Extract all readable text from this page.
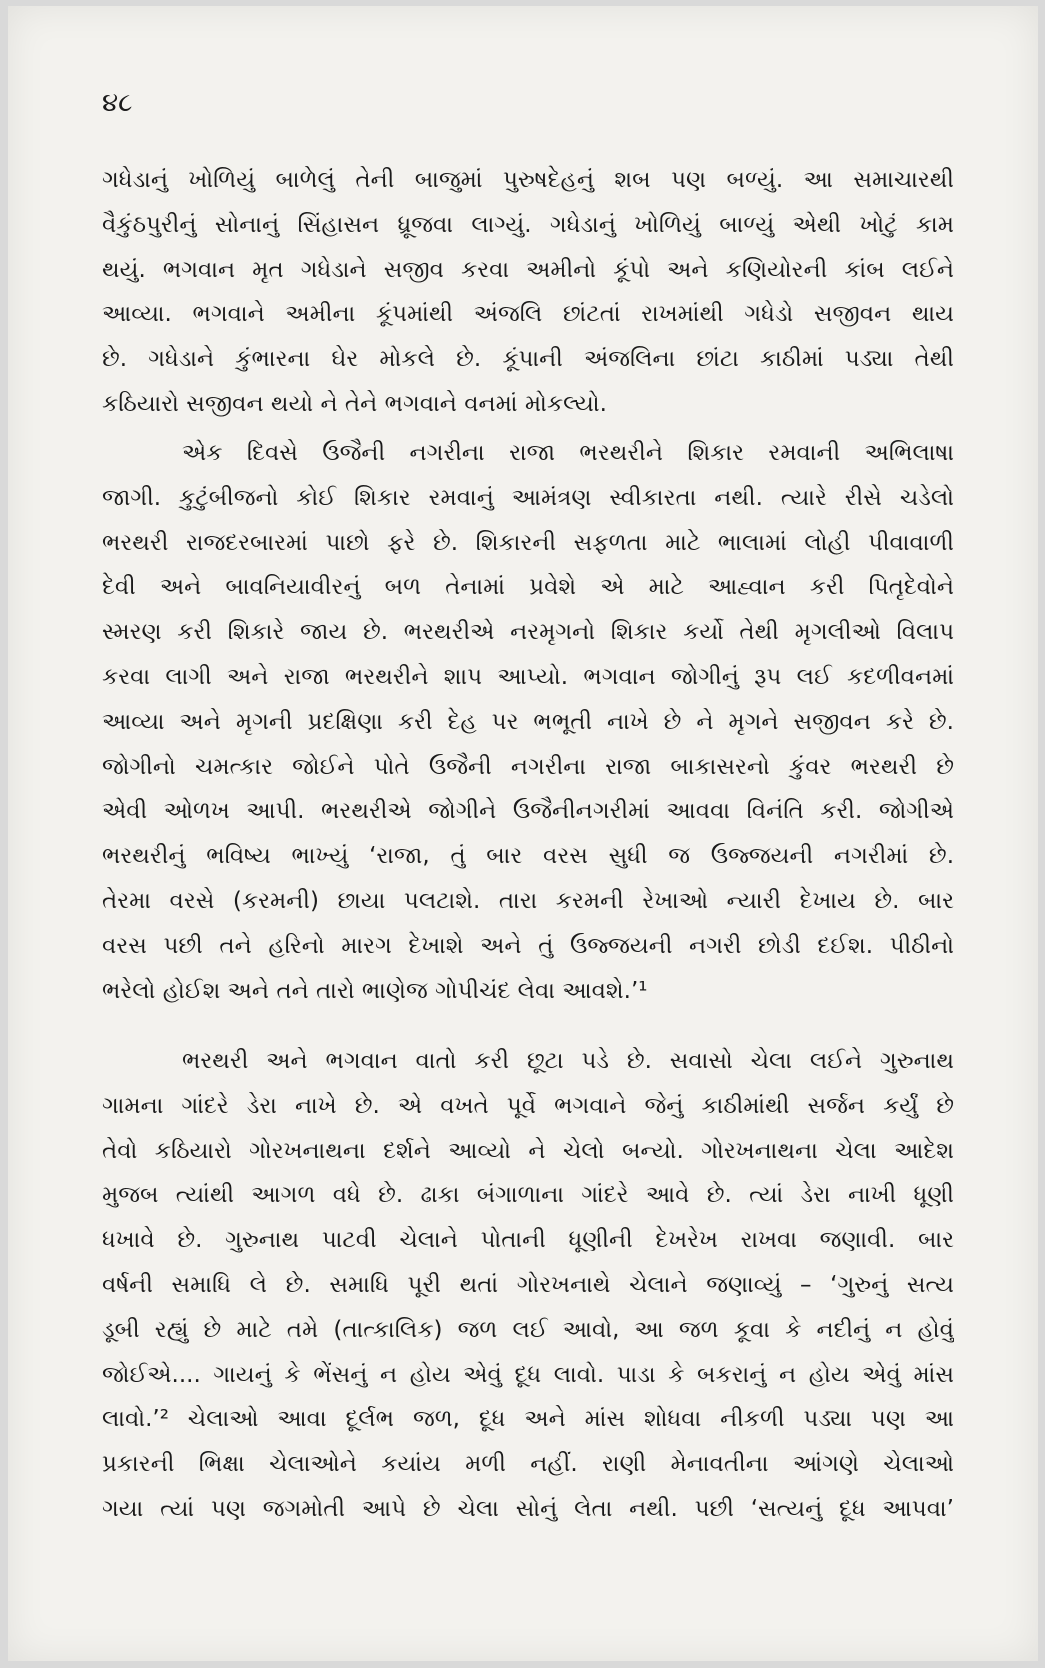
૪૮
ગધેડાનું ખોળિયું બાળેલું તેની બાજુમાં પુરુષદેહનું શબ પણ બળ્યું. આ સમાચારથી
વૈકુંઠપુરીનું સોનાનું સિંહાસન ધ્રૂજવા લાગ્યું. ગધેડાનું ખોળિયું બાળ્યું એથી ખોટું કામ
થયું. ભગવાન મૃત ગધેડાને સજીવ કરવા અમીનો કૂંપો અને કણિયોરની કાંબ લઈને
આવ્યા. ભગવાને અમીના કૂંપમાંથી અંજલિ છાંટતાં રાખમાંથી ગધેડો સજીવન થાય
છે. ગધેડાને કુંભારના ઘેર મોકલે છે. કૂંપાની અંજલિના છાંટા કાઠીમાં પડ્યા તેથી
કઠિયારો સજીવન થયો ને તેને ભગવાને વનમાં મોકલ્યો.
એક દિવસે ઉજૈની નગરીના રાજા ભરથરીને શિકાર રમવાની અભિલાષા
જાગી. કુટુંબીજનો કોઈ શિકાર રમવાનું આમંત્રણ સ્વીકારતા નથી. ત્યારે રીસે ચડેલો
ભરથરી રાજદરબારમાં પાછો ફરે છે. શિકારની સફળતા માટે ભાલામાં લોહી પીવાવાળી
દેવી અને બાવનિયાવીરનું બળ તેનામાં પ્રવેશે એ માટે આહ્વાન કરી પિતૃદેવોને
સ્મરણ કરી શિકારે જાય છે. ભરથરીએ નરમૃગનો શિકાર કર્યો તેથી મૃગલીઓ વિલાપ
કરવા લાગી અને રાજા ભરથરીને શાપ આપ્યો. ભગવાન જોગીનું રૂપ લઈ કદળીવનમાં
આવ્યા અને મૃગની પ્રદક્ષિણા કરી દેહ પર ભભૂતી નાખે છે ને મૃગને સજીવન કરે છે.
જોગીનો ચમત્કાર જોઈને પોતે ઉજૈની નગરીના રાજા બાકાસરનો કુંવર ભરથરી છે
એવી ઓળખ આપી. ભરથરીએ જોગીને ઉજૈનીનગરીમાં આવવા વિનંતિ કરી. જોગીએ
ભરથરીનું ભવિષ્ય ભાખ્યું ‘રાજા, તું બાર વરસ સુધી જ ઉજ્જયની નગરીમાં છે.
તેરમા વરસે (કરમની) છાયા પલટાશે. તારા કરમની રેખાઓ ન્યારી દેખાય છે. બાર
વરસ પછી તને હરિનો મારગ દેખાશે અને તું ઉજ્જયની નગરી છોડી દઈશ. પીઠીનો
ભરેલો હોઈશ અને તને તારો ભાણેજ ગોપીચંદ લેવા આવશે.’¹
ભરથરી અને ભગવાન વાતો કરી છૂટા પડે છે. સવાસો ચેલા લઈને ગુરુનાથ
ગામના ગાંદરે ડેરા નાખે છે. એ વખતે પૂર્વે ભગવાને જેનું કાઠીમાંથી સર્જન કર્યું છે
તેવો કઠિયારો ગોરખનાથના દર્શને આવ્યો ને ચેલો બન્યો. ગોરખનાથના ચેલા આદેશ
મુજબ ત્યાંથી આગળ વધે છે. ઢાકા બંગાળાના ગાંદરે આવે છે. ત્યાં ડેરા નાખી ધૂણી
ધખાવે છે. ગુરુનાથ પાટવી ચેલાને પોતાની ધૂણીની દેખરેખ રાખવા જણાવી. બાર
વર્ષની સમાધિ લે છે. સમાધિ પૂરી થતાં ગોરખનાથે ચેલાને જણાવ્યું – ‘ગુરુનું સત્ય
ડૂબી રહ્યું છે માટે તમે (તાત્કાલિક) જળ લઈ આવો, આ જળ કૂવા કે નદીનું ન હોવું
જોઈએ.... ગાયનું કે ભેંસનું ન હોય એવું દૂધ લાવો. પાડા કે બકરાનું ન હોય એવું માંસ
લાવો.’² ચેલાઓ આવા દૂર્લભ જળ, દૂધ અને માંસ શોધવા નીકળી પડ્યા પણ આ
પ્રકારની ભિક્ષા ચેલાઓને કયાંય મળી નહીં. રાણી મેનાવતીના આંગણે ચેલાઓ
ગયા ત્યાં પણ જગમોતી આપે છે ચેલા સોનું લેતા નથી. પછી ‘સત્યનું દૂધ આપવા’
